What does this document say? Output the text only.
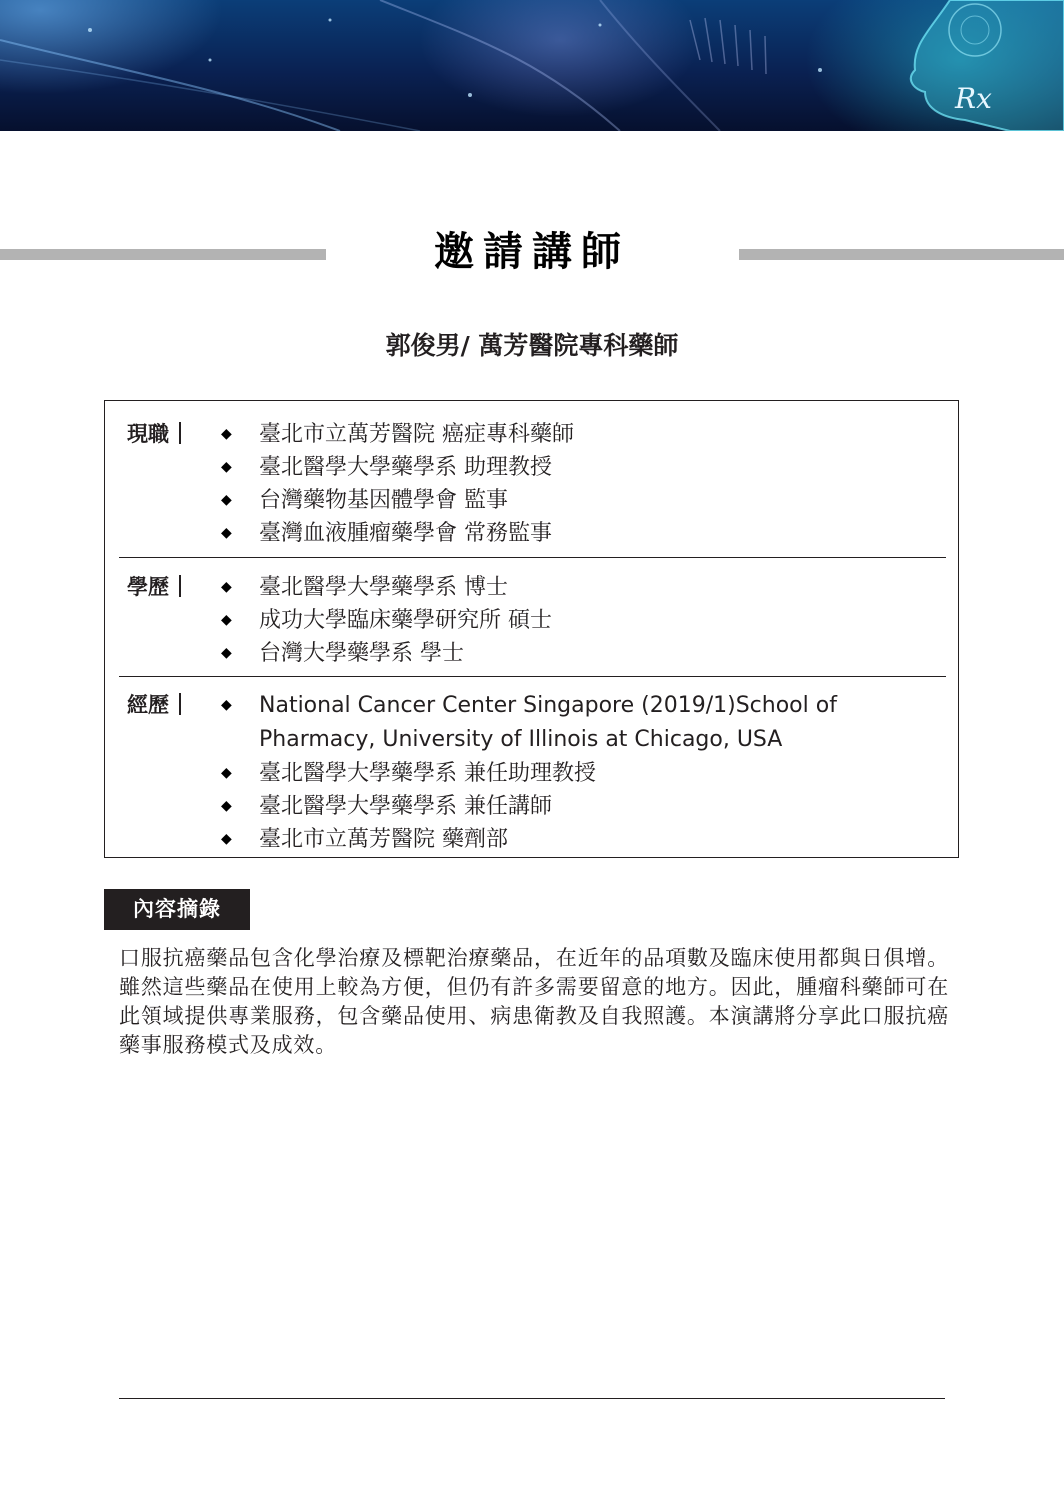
Rx
邀請講師
郭俊男/ 萬芳醫院專科藥師
現職	◆ 臺北市立萬芳醫院 癌症專科藥師
◆ 臺北醫學大學藥學系 助理教授
◆ 台灣藥物基因體學會 監事
◆ 臺灣血液腫瘤藥學會 常務監事
學歷	◆ 臺北醫學大學藥學系 博士
◆ 成功大學臨床藥學研究所 碩士
◆ 台灣大學藥學系 學士
經歷	◆ National Cancer Center Singapore (2019/1)School of Pharmacy, University of Illinois at Chicago, USA
◆ 臺北醫學大學藥學系 兼任助理教授
◆ 臺北醫學大學藥學系 兼任講師
◆ 臺北市立萬芳醫院 藥劑部
內容摘錄

口服抗癌藥品包含化學治療及標靶治療藥品，在近年的品項數及臨床使用都與日俱增。雖然這些藥品在使用上較為方便，但仍有許多需要留意的地方。因此，腫瘤科藥師可在此領域提供專業服務，包含藥品使用、病患衛教及自我照護。本演講將分享此口服抗癌藥事服務模式及成效。
